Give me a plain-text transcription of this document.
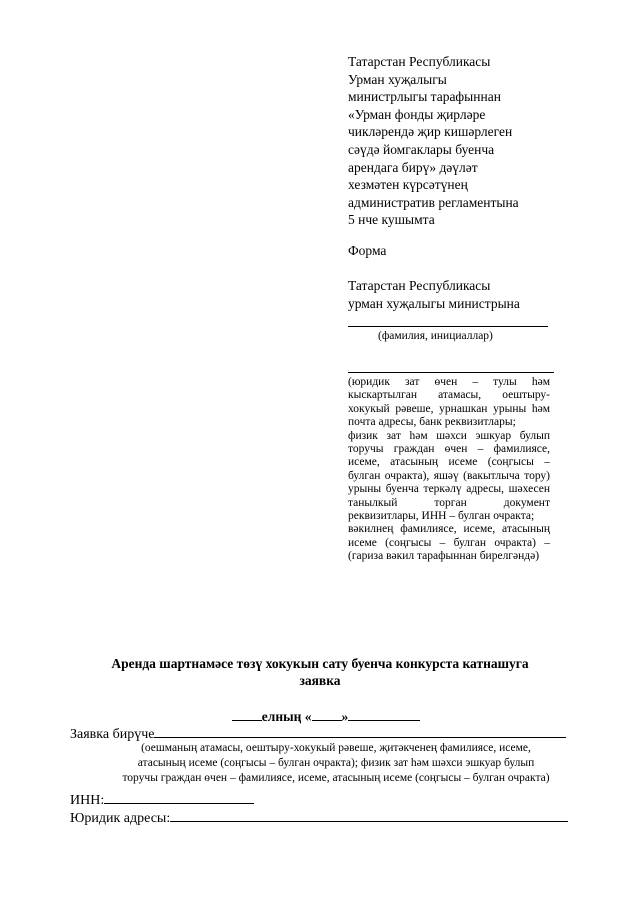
Татарстан Республикасы
Урман хуҗалыгы
министрлыгы тарафыннан
«Урман фонды җирләре
чикләрендә җир кишәрлеген
сәүдә йомгаклары буенча
арендага бирү» дәүләт
хезмәтен күрсәтүнең
административ регламентына
5 нче кушымта
Форма
Татарстан Республикасы
урман хуҗалыгы министрына
(фамилия, инициаллар)

(юридик зат өчен – тулы һәм кыскартылган атамасы, оештыру-хокукый рәвеше, урнашкан урыны һәм почта адресы, банк реквизитлары;

физик зат һәм шәхси эшкуар булып торучы граждан өчен – фамилиясе, исеме, атасының исеме (соңгысы – булган очракта), яшәү (вакытлыча тору) урыны буенча теркәлү адресы, шәхесен танылкый торган документ реквизитлары, ИНН – булган очракта;

вәкилнең фамилиясе, исеме, атасының исеме (соңгысы – булган очракта) – (гариза вәкил тарафыннан бирелгәндә)

Аренда шартнамәсе төзү хокукын сату буенча конкурста катнашуга
заявка

елның « »

Заявка бирүче
(оешманың атамасы, оештыру-хокукый рәвеше, җитәкченең фамилиясе, исеме,
атасының исеме (соңгысы – булган очракта); физик зат һәм шәхси эшкуар булып
торучы граждан өчен – фамилиясе, исеме, атасының исеме (соңгысы – булган очракта)
ИНН:
Юридик адресы:
